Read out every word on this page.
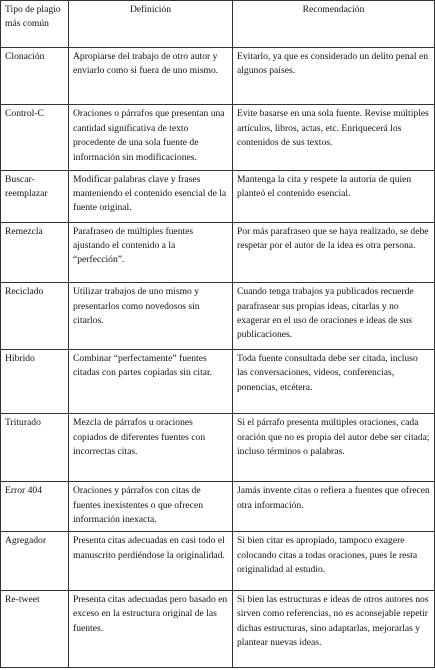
Tipo de plagio más común	Definición	Recomendación
Clonación	Apropiarse del trabajo de otro autor y enviarlo como si fuera de uno mismo.	Evitarlo, ya que es considerado un delito penal en algunos países.
Control-C	Oraciones o párrafos que presentan una cantidad significativa de texto procedente de una sola fuente de información sin modificaciones.	Evite basarse en una sola fuente. Revise múltiples artículos, libros, actas, etc. Enriquecerá los contenidos de sus textos.
Buscar-reemplazar	Modificar palabras clave y frases manteniendo el contenido esencial de la fuente original.	Mantenga la cita y respete la autoría de quien planteó el contenido esencial.
Remezcla	Parafraseo de múltiples fuentes ajustando el contenido a la “perfección”.	Por más parafraseo que se haya realizado, se debe respetar por el autor de la idea es otra persona.
Reciclado	Utilizar trabajos de uno mismo y presentarlos como novedosos sin citarlos.	Cuando tenga trabajos ya publicados recuerde parafrasear sus propias ideas, citarlas y no exagerar en el uso de oraciones e ideas de sus publicaciones.
Híbrido	Combinar “perfectamente” fuentes citadas con partes copiadas sin citar.	Toda fuente consultada debe ser citada, incluso las conversaciones, videos, conferencias, ponencias, etcétera.
Triturado	Mezcla de párrafos u oraciones copiados de diferentes fuentes con incorrectas citas.	Si el párrafo presenta múltiples oraciones, cada oración que no es propia del autor debe ser citada; incluso términos o palabras.
Error 404	Oraciones y párrafos con citas de fuentes inexistentes o que ofrecen información inexacta.	Jamás invente citas o refiera a fuentes que ofrecen otra información.
Agregador	Presenta citas adecuadas en casi todo el manuscrito perdiéndose la originalidad.	Si bien citar es apropiado, tampoco exagere colocando citas a todas oraciones, pues le resta originalidad al estudio.
Re-tweet	Presenta citas adecuadas pero basado en exceso en la estructura original de las fuentes.	Si bien las estructuras e ideas de otros autores nos sirven como referencias, no es aconsejable repetir dichas estructuras, sino adaptarlas, mejorarlas y plantear nuevas ideas.
